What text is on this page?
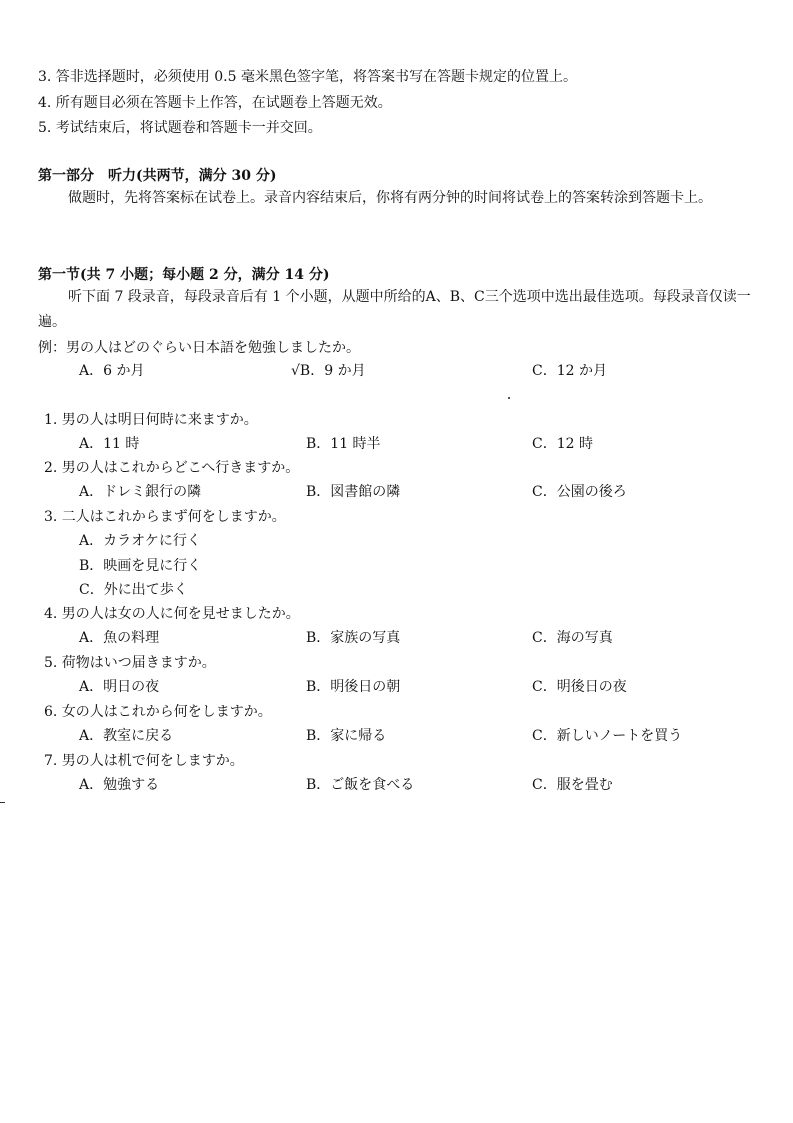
3. 答非选择题时，必须使用 0.5 毫米黑色签字笔，将答案书写在答题卡规定的位置上。
4. 所有题目必须在答题卡上作答，在试题卷上答题无效。
5. 考试结束后，将试题卷和答题卡一并交回。
第一部分　听力(共两节，满分 30 分)
做题时，先将答案标在试卷上。录音内容结束后，你将有两分钟的时间将试卷上的答案转涂到答题卡上。
第一节(共 7 小题；每小题 2 分，满分 14 分)
听下面 7 段录音，每段录音后有 1 个小题，从题中所给的A、B、C三个选项中选出最佳选项。每段录音仅读一遍。
例：男の人はどのぐらい日本語を勉強しましたか。
A．6 か月	√B．9 か月	C．12 か月
1. 男の人は明日何時に来ますか。
A．11 時	B．11 時半	C．12 時
2. 男の人はこれからどこへ行きますか。
A．ドレミ銀行の隣	B．図書館の隣	C．公園の後ろ
3. 二人はこれからまず何をしますか。
A．カラオケに行く
B．映画を見に行く
C．外に出て歩く
4. 男の人は女の人に何を見せましたか。
A．魚の料理	B．家族の写真	C．海の写真
5. 荷物はいつ届きますか。
A．明日の夜	B．明後日の朝	C．明後日の夜
6. 女の人はこれから何をしますか。
A．教室に戻る	B．家に帰る	C．新しいノートを買う
7. 男の人は机で何をしますか。
A．勉強する	B．ご飯を食べる	C．服を畳む
